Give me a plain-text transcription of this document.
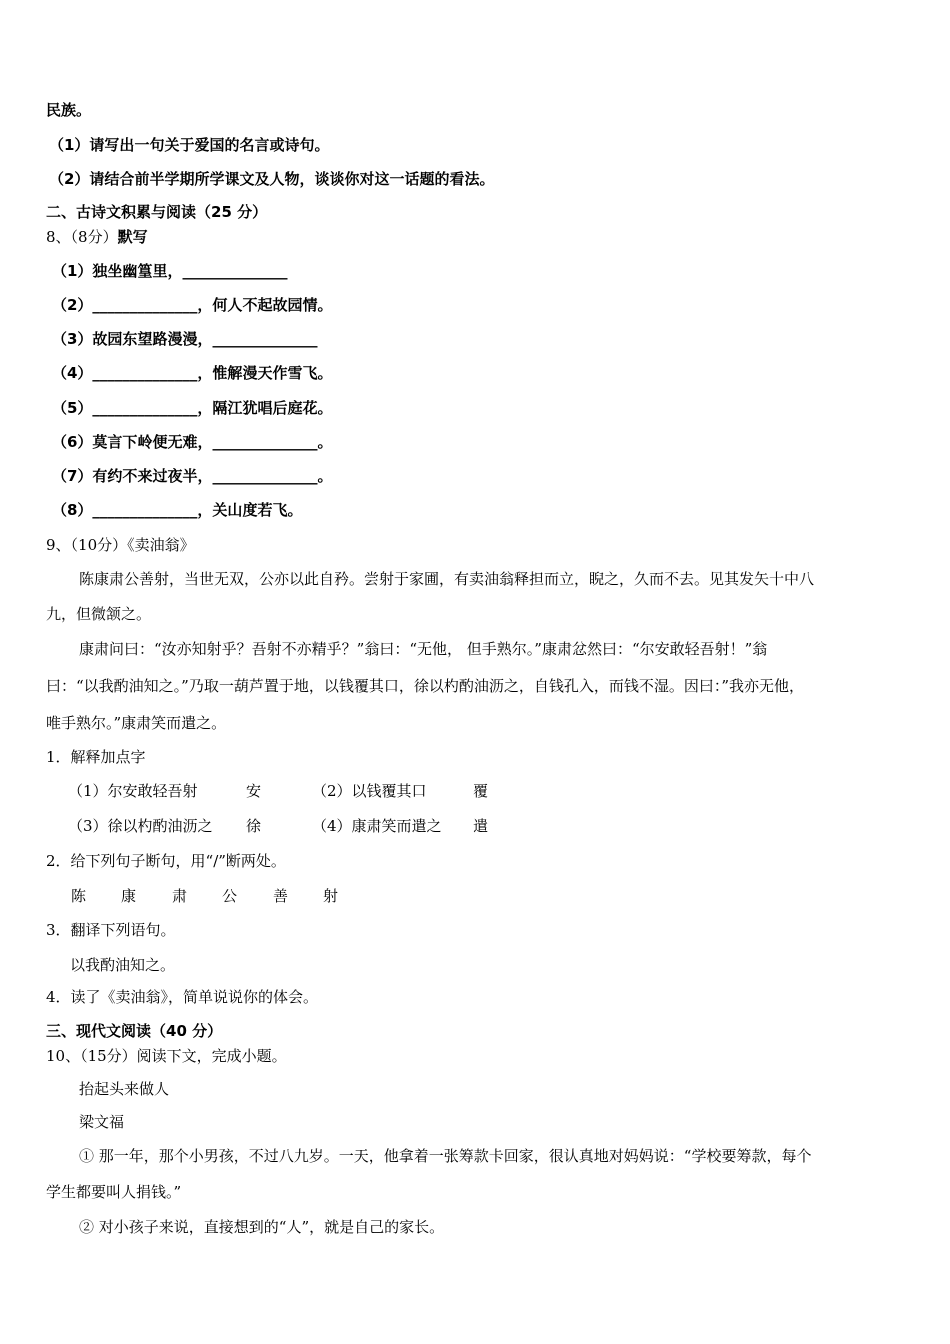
民族。
（1）请写出一句关于爱国的名言或诗句。
（2）请结合前半学期所学课文及人物，谈谈你对这一话题的看法。
二、古诗文积累与阅读（25 分）
8、（8分）默写
（1）独坐幽篁里，______________
（2）______________，何人不起故园情。
（3）故园东望路漫漫，______________
（4）______________，惟解漫天作雪飞。
（5）______________，隔江犹唱后庭花。
（6）莫言下岭便无难，______________。
（7）有约不来过夜半，______________。
（8）______________，关山度若飞。
9、（10分）《卖油翁》
陈康肃公善射，当世无双，公亦以此自矜。尝射于家圃，有卖油翁释担而立，睨之，久而不去。见其发矢十中八
九，但微颔之。
康肃问曰：“汝亦知射乎？吾射不亦精乎？”翁曰：“无他， 但手熟尔。”康肃忿然曰：“尔安敢轻吾射！”翁
曰：“以我酌油知之。”乃取一葫芦置于地，以钱覆其口，徐以杓酌油沥之，自钱孔入，而钱不湿。因曰：”我亦无他，
唯手熟尔。”康肃笑而遣之。
1．解释加点字
（1）尔安敢轻吾射	安	（2）以钱覆其口	覆
（3）徐以杓酌油沥之 徐	（4）康肃笑而遣之 遣
2．给下列句子断句，用“/”断两处。
陈 康 肃 公 善 射
3．翻译下列语句。
以我酌油知之。
4．读了《卖油翁》，简单说说你的体会。
三、现代文阅读（40 分）
10、（15分）阅读下文，完成小题。
抬起头来做人
梁文福
① 那一年，那个小男孩，不过八九岁。一天，他拿着一张筹款卡回家，很认真地对妈妈说：“学校要筹款，每个
学生都要叫人捐钱。”
② 对小孩子来说，直接想到的“人”，就是自己的家长。
